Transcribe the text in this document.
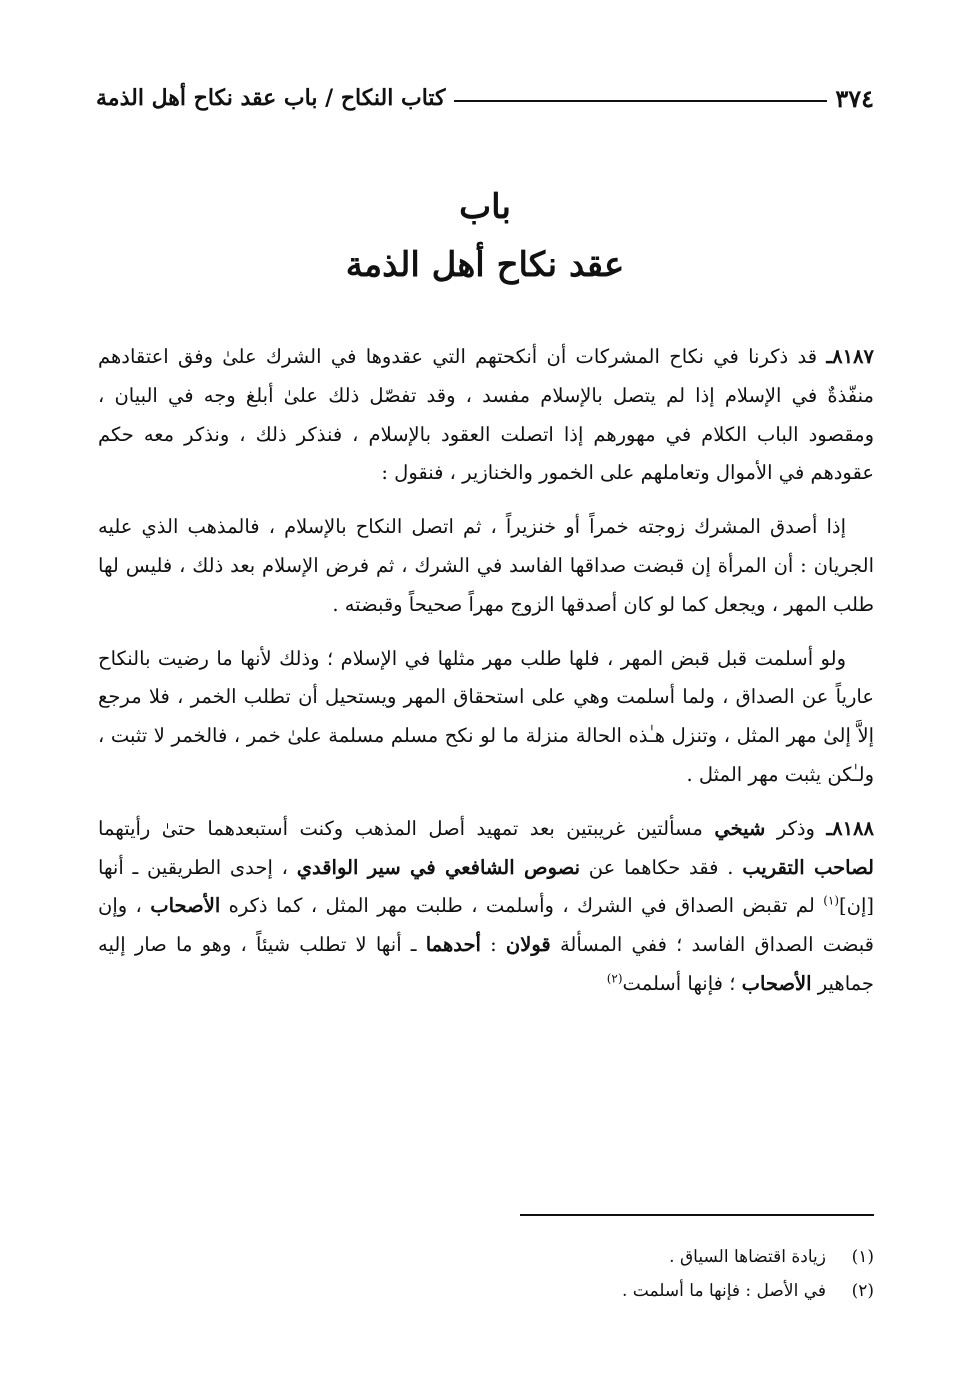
٣٧٤
كتاب النكاح / باب عقد نكاح أهل الذمة
باب
عقد نكاح أهل الذمة

٨١٨٧ـ قد ذكرنا في نكاح المشركات أن أنكحتهم التي عقدوها في الشرك علىٰ وفق اعتقادهم منفّذةٌ في الإسلام إذا لم يتصل بالإسلام مفسد ، وقد تفصّل ذلك علىٰ أبلغ وجه في البيان ، ومقصود الباب الكلام في مهورهم إذا اتصلت العقود بالإسلام ، فنذكر ذلك ، ونذكر معه حكم عقودهم في الأموال وتعاملهم على الخمور والخنازير ، فنقول :

إذا أصدق المشرك زوجته خمراً أو خنزيراً ، ثم اتصل النكاح بالإسلام ، فالمذهب الذي عليه الجريان : أن المرأة إن قبضت صداقها الفاسد في الشرك ، ثم فرض الإسلام بعد ذلك ، فليس لها طلب المهر ، ويجعل كما لو كان أصدقها الزوج مهراً صحيحاً وقبضته .

ولو أسلمت قبل قبض المهر ، فلها طلب مهر مثلها في الإسلام ؛ وذلك لأنها ما رضيت بالنكاح عارياً عن الصداق ، ولما أسلمت وهي على استحقاق المهر ويستحيل أن تطلب الخمر ، فلا مرجع إلاَّ إلىٰ مهر المثل ، وتنزل هـٰذه الحالة منزلة ما لو نكح مسلم مسلمة علىٰ خمر ، فالخمر لا تثبت ، ولـٰكن يثبت مهر المثل .

٨١٨٨ـ وذكر شيخي مسألتين غريبتين بعد تمهيد أصل المذهب وكنت أستبعدهما حتىٰ رأيتهما لصاحب التقريب . فقد حكاهما عن نصوص الشافعي في سير الواقدي ، إحدى الطريقين ـ أنها [إن]$^{(١)}$ لم تقبض الصداق في الشرك ، وأسلمت ، طلبت مهر المثل ، كما ذكره الأصحاب ، وإن قبضت الصداق الفاسد ؛ ففي المسألة قولان : أحدهما ـ أنها لا تطلب شيئاً ، وهو ما صار إليه جماهير الأصحاب ؛ فإنها أسلمت$^{(٢)}$

(١)
زيادة اقتضاها السياق .
(٢)
في الأصل : فإنها ما أسلمت .
